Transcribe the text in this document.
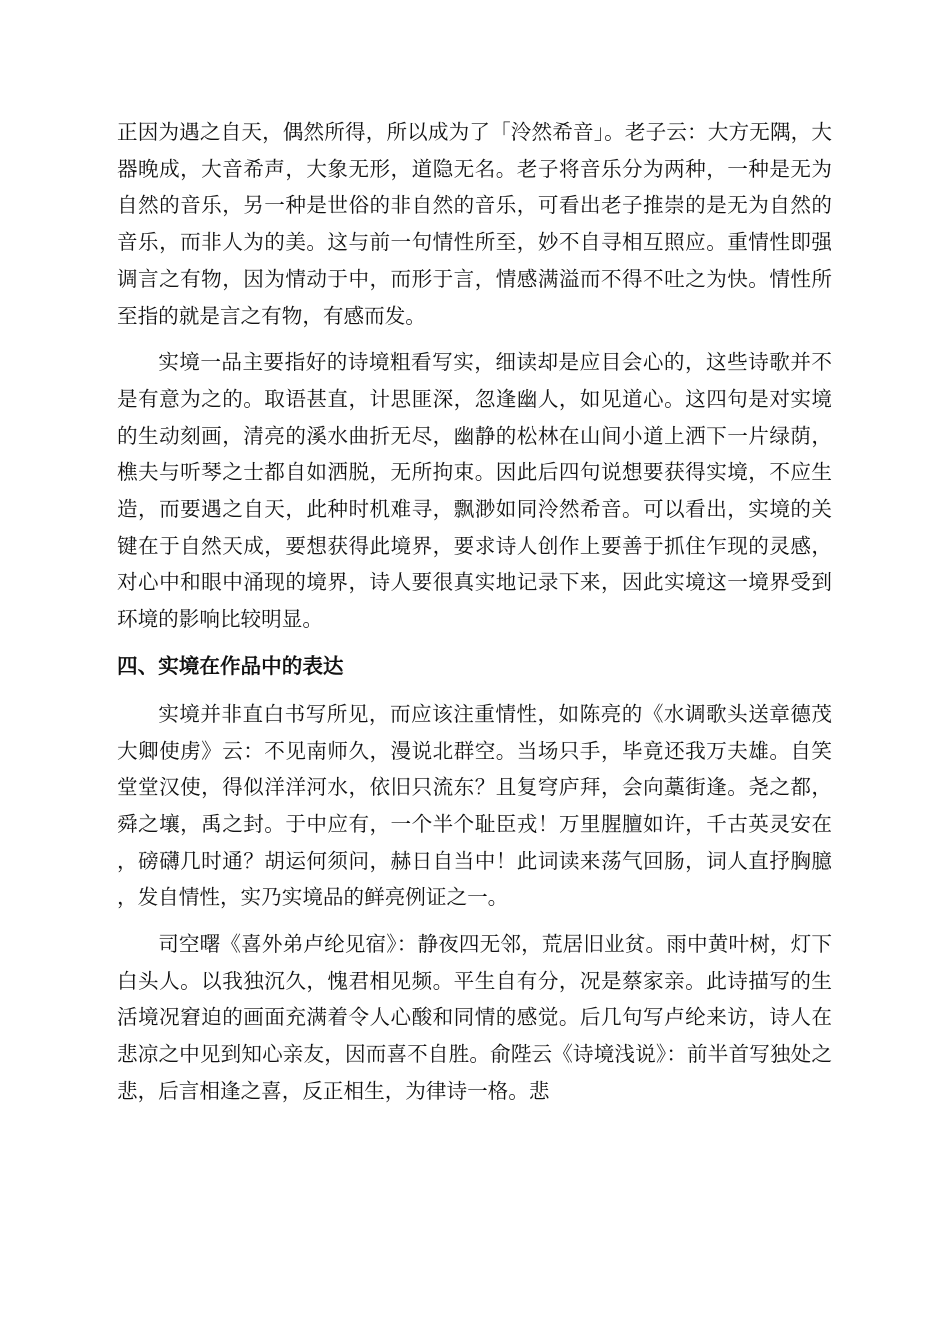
正因为遇之自天，偶然所得，所以成为了「泠然希音」。老子云：大方无隅，大器晚成，大音希声，大象无形，道隐无名。老子将音乐分为两种，一种是无为自然的音乐，另一种是世俗的非自然的音乐，可看出老子推崇的是无为自然的音乐，而非人为的美。这与前一句情性所至，妙不自寻相互照应。重情性即强调言之有物，因为情动于中，而形于言，情感满溢而不得不吐之为快。情性所至指的就是言之有物，有感而发。

实境一品主要指好的诗境粗看写实，细读却是应目会心的，这些诗歌并不是有意为之的。取语甚直，计思匪深，忽逢幽人，如见道心。这四句是对实境的生动刻画，清亮的溪水曲折无尽，幽静的松林在山间小道上洒下一片绿荫，樵夫与听琴之士都自如洒脱，无所拘束。因此后四句说想要获得实境，不应生造，而要遇之自天，此种时机难寻，飘渺如同泠然希音。可以看出，实境的关键在于自然天成，要想获得此境界，要求诗人创作上要善于抓住乍现的灵感，对心中和眼中涌现的境界，诗人要很真实地记录下来，因此实境这一境界受到环境的影响比较明显。

四、实境在作品中的表达

实境并非直白书写所见，而应该注重情性，如陈亮的《水调歌头送章德茂大卿使虏》云：不见南师久，漫说北群空。当场只手，毕竟还我万夫雄。自笑堂堂汉使，得似洋洋河水，依旧只流东？且复穹庐拜，会向藁街逢。尧之都，舜之壤，禹之封。于中应有，一个半个耻臣戎！万里腥膻如许，千古英灵安在，磅礴几时通？胡运何须问，赫日自当中！此词读来荡气回肠，词人直抒胸臆，发自情性，实乃实境品的鲜亮例证之一。

司空曙《喜外弟卢纶见宿》：静夜四无邻，荒居旧业贫。雨中黄叶树，灯下白头人。以我独沉久，愧君相见频。平生自有分，况是蔡家亲。此诗描写的生活境况窘迫的画面充满着令人心酸和同情的感觉。后几句写卢纶来访，诗人在悲凉之中见到知心亲友，因而喜不自胜。俞陛云《诗境浅说》：前半首写独处之悲，后言相逢之喜，反正相生，为律诗一格。悲
